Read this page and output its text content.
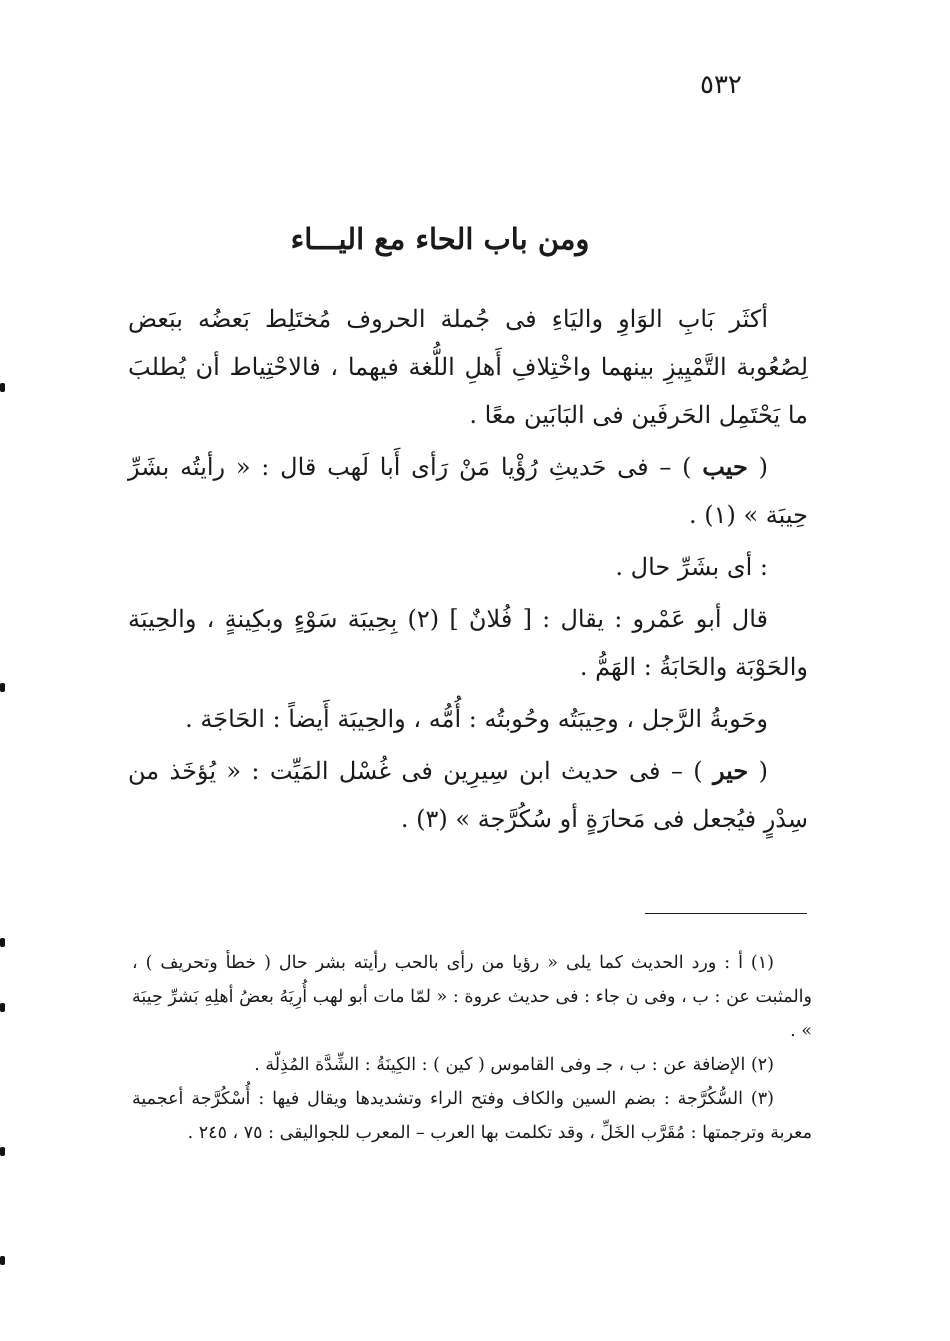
٥٣٢
ومن باب الحاء مع اليـــاء

أكثَر بَابِ الوَاوِ واليَاءِ فى جُملة الحروف مُختَلِط بَعضُه ببَعض لِصُعُوبة التَّمْيِيزِ بينهما واخْتِلافِ أَهلِ اللُّغة فيهما ، فالاحْتِياط أن يُطلبَ ما يَحْتَمِل الحَرفَين فى البَابَين معًا .

( حيب ) – فى حَديثِ رُؤْيا مَنْ رَأى أَبا لَهب قال : « رأيتُه بشَرِّ حِيبَة » (١) .

: أى بشَرِّ حال .

قال أبو عَمْرو : يقال : [ فُلانٌ ] (٢) بِحِيبَة سَوْءٍ وبكِينةٍ ، والحِيبَة والحَوْبَة والحَابَةُ : الهَمُّ .

وحَوبةُ الرَّجل ، وحِيبَتُه وحُوبتُه : أُمُّه ، والحِيبَة أَيضاً : الحَاجَة .

( حير ) – فى حديث ابن سِيرِين فى غُسْل المَيِّت : « يُؤخَذ من سِدْرٍ فيُجعل فى مَحارَةٍ أو سُكُرَّجة » (٣) .

(١) أ : ورد الحديث كما يلى « رؤيا من رأى بالحب رأيته بشر حال ( خطأ وتحريف ) ، والمثبت عن : ب ، وفى ن جاء : فى حديث عروة : « لمّا مات أبو لهب أُرِيَهُ بعضُ أهلِهِ بَشرِّ حِيبَة » .

(٢) الإضافة عن : ب ، جـ وفى القاموس ( كين ) : الكِينَةُ : الشِّدَّة المُذِلّة .

(٣) السُّكُرَّجة : بضم السين والكاف وفتح الراء وتشديدها ويقال فيها : أُسْكُرَّجة أعجمية معربة وترجمتها : مُقَرَّب الخَلِّ ، وقد تكلمت بها العرب – المعرب للجواليقى : ٧٥ ، ٢٤٥ .
